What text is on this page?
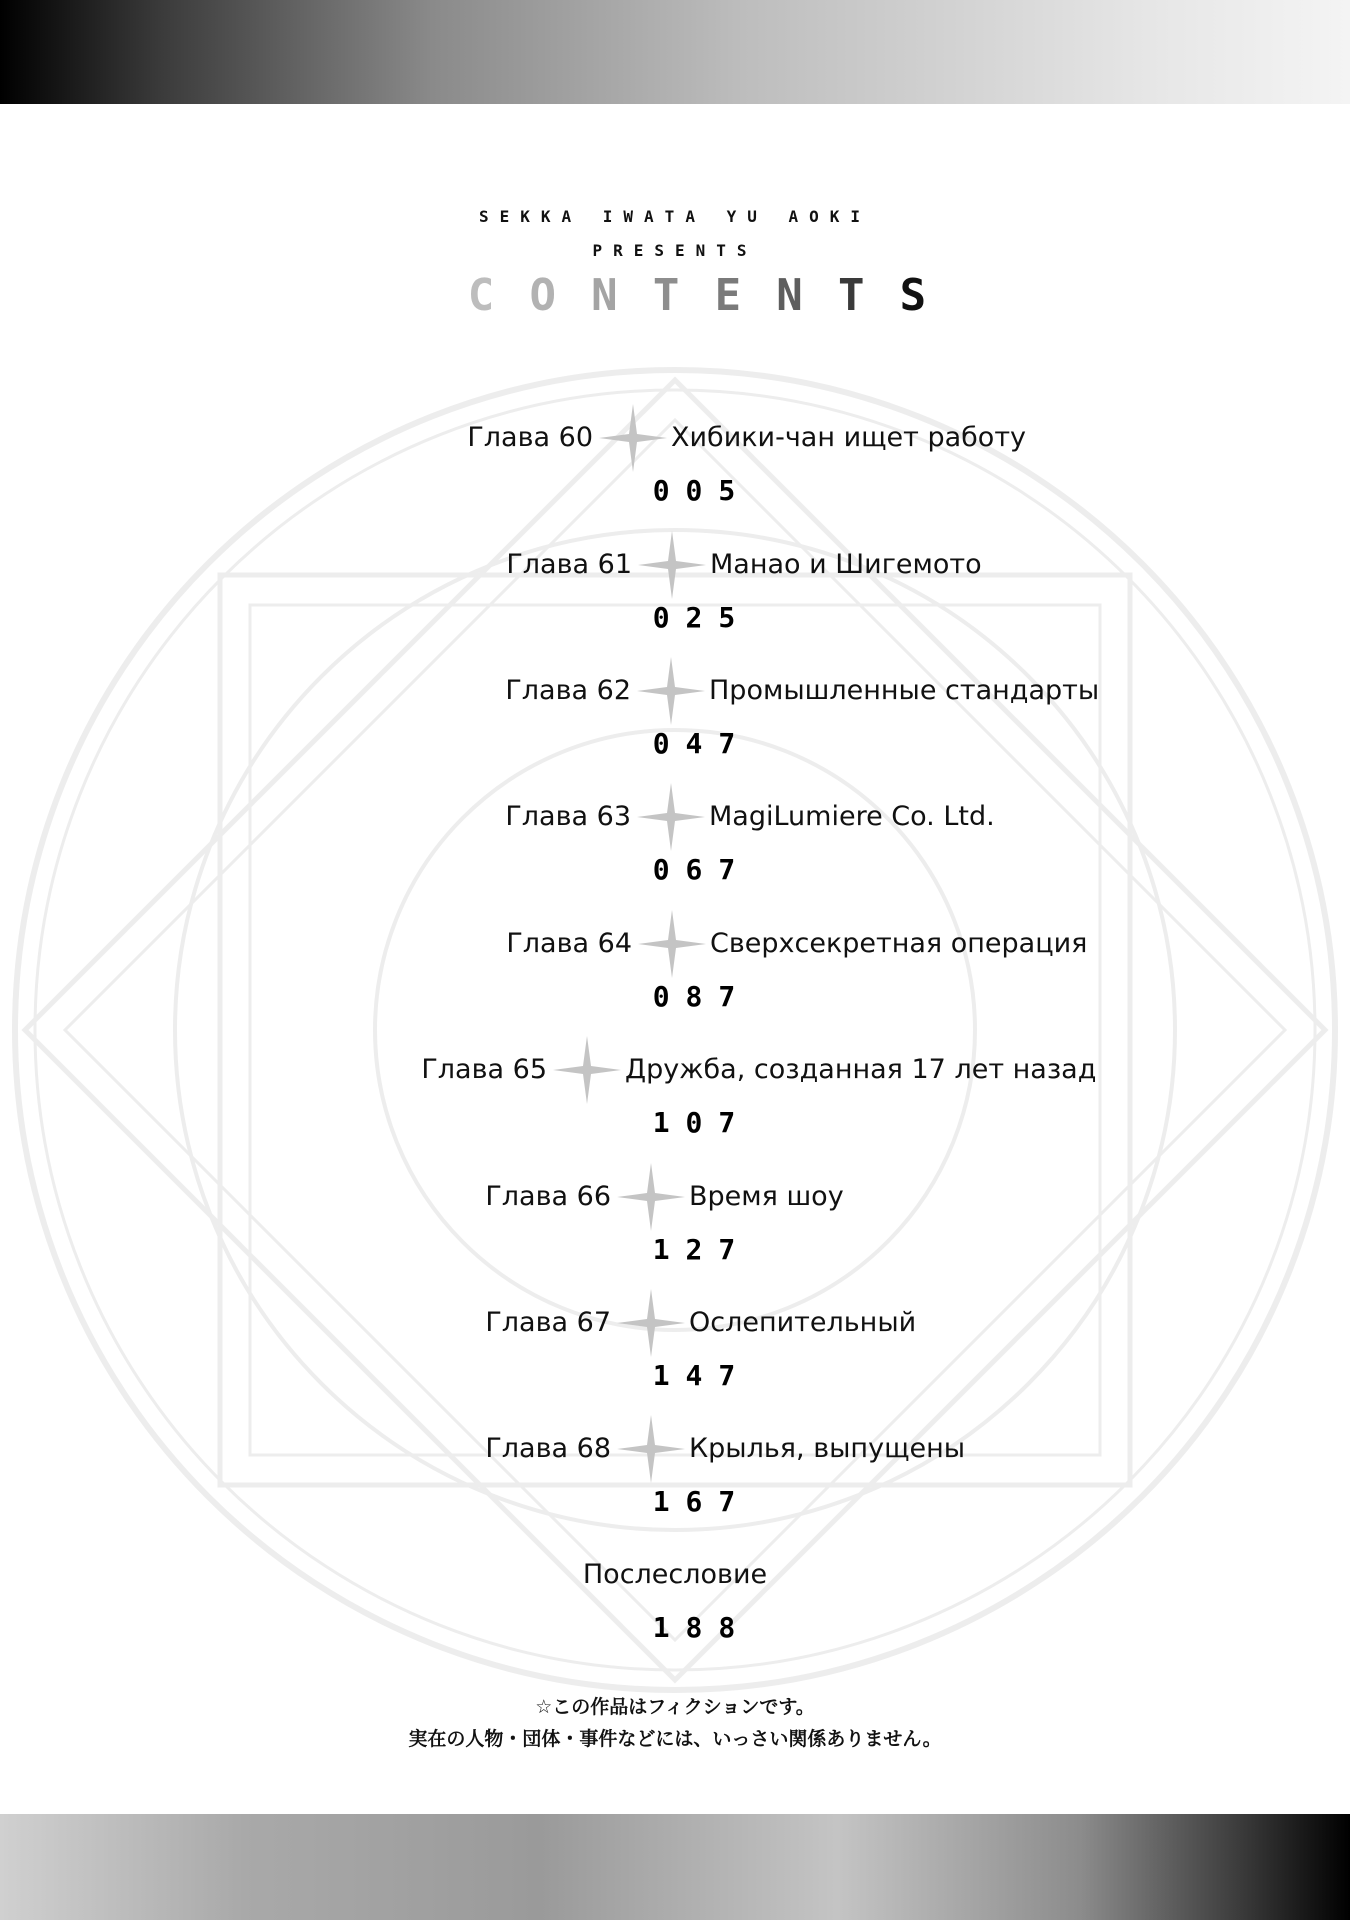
SEKKA IWATA YU AOKI
PRESENTS
C O N T E N T S
Глава 60	Хибики-чан ищет работу
005
Глава 61	Манао и Шигемото
025
Глава 62	Промышленные стандарты
047
Глава 63	MagiLumiere Co. Ltd.
067
Глава 64	Сверхсекретная операция
087
Глава 65	Дружба, созданная 17 лет назад
107
Глава 66	Время шоу
127
Глава 67	Ослепительный
147
Глава 68	Крылья, выпущены
167
Послесловие
188
☆この作品はフィクションです。
実在の人物・団体・事件などには、いっさい関係ありません。
